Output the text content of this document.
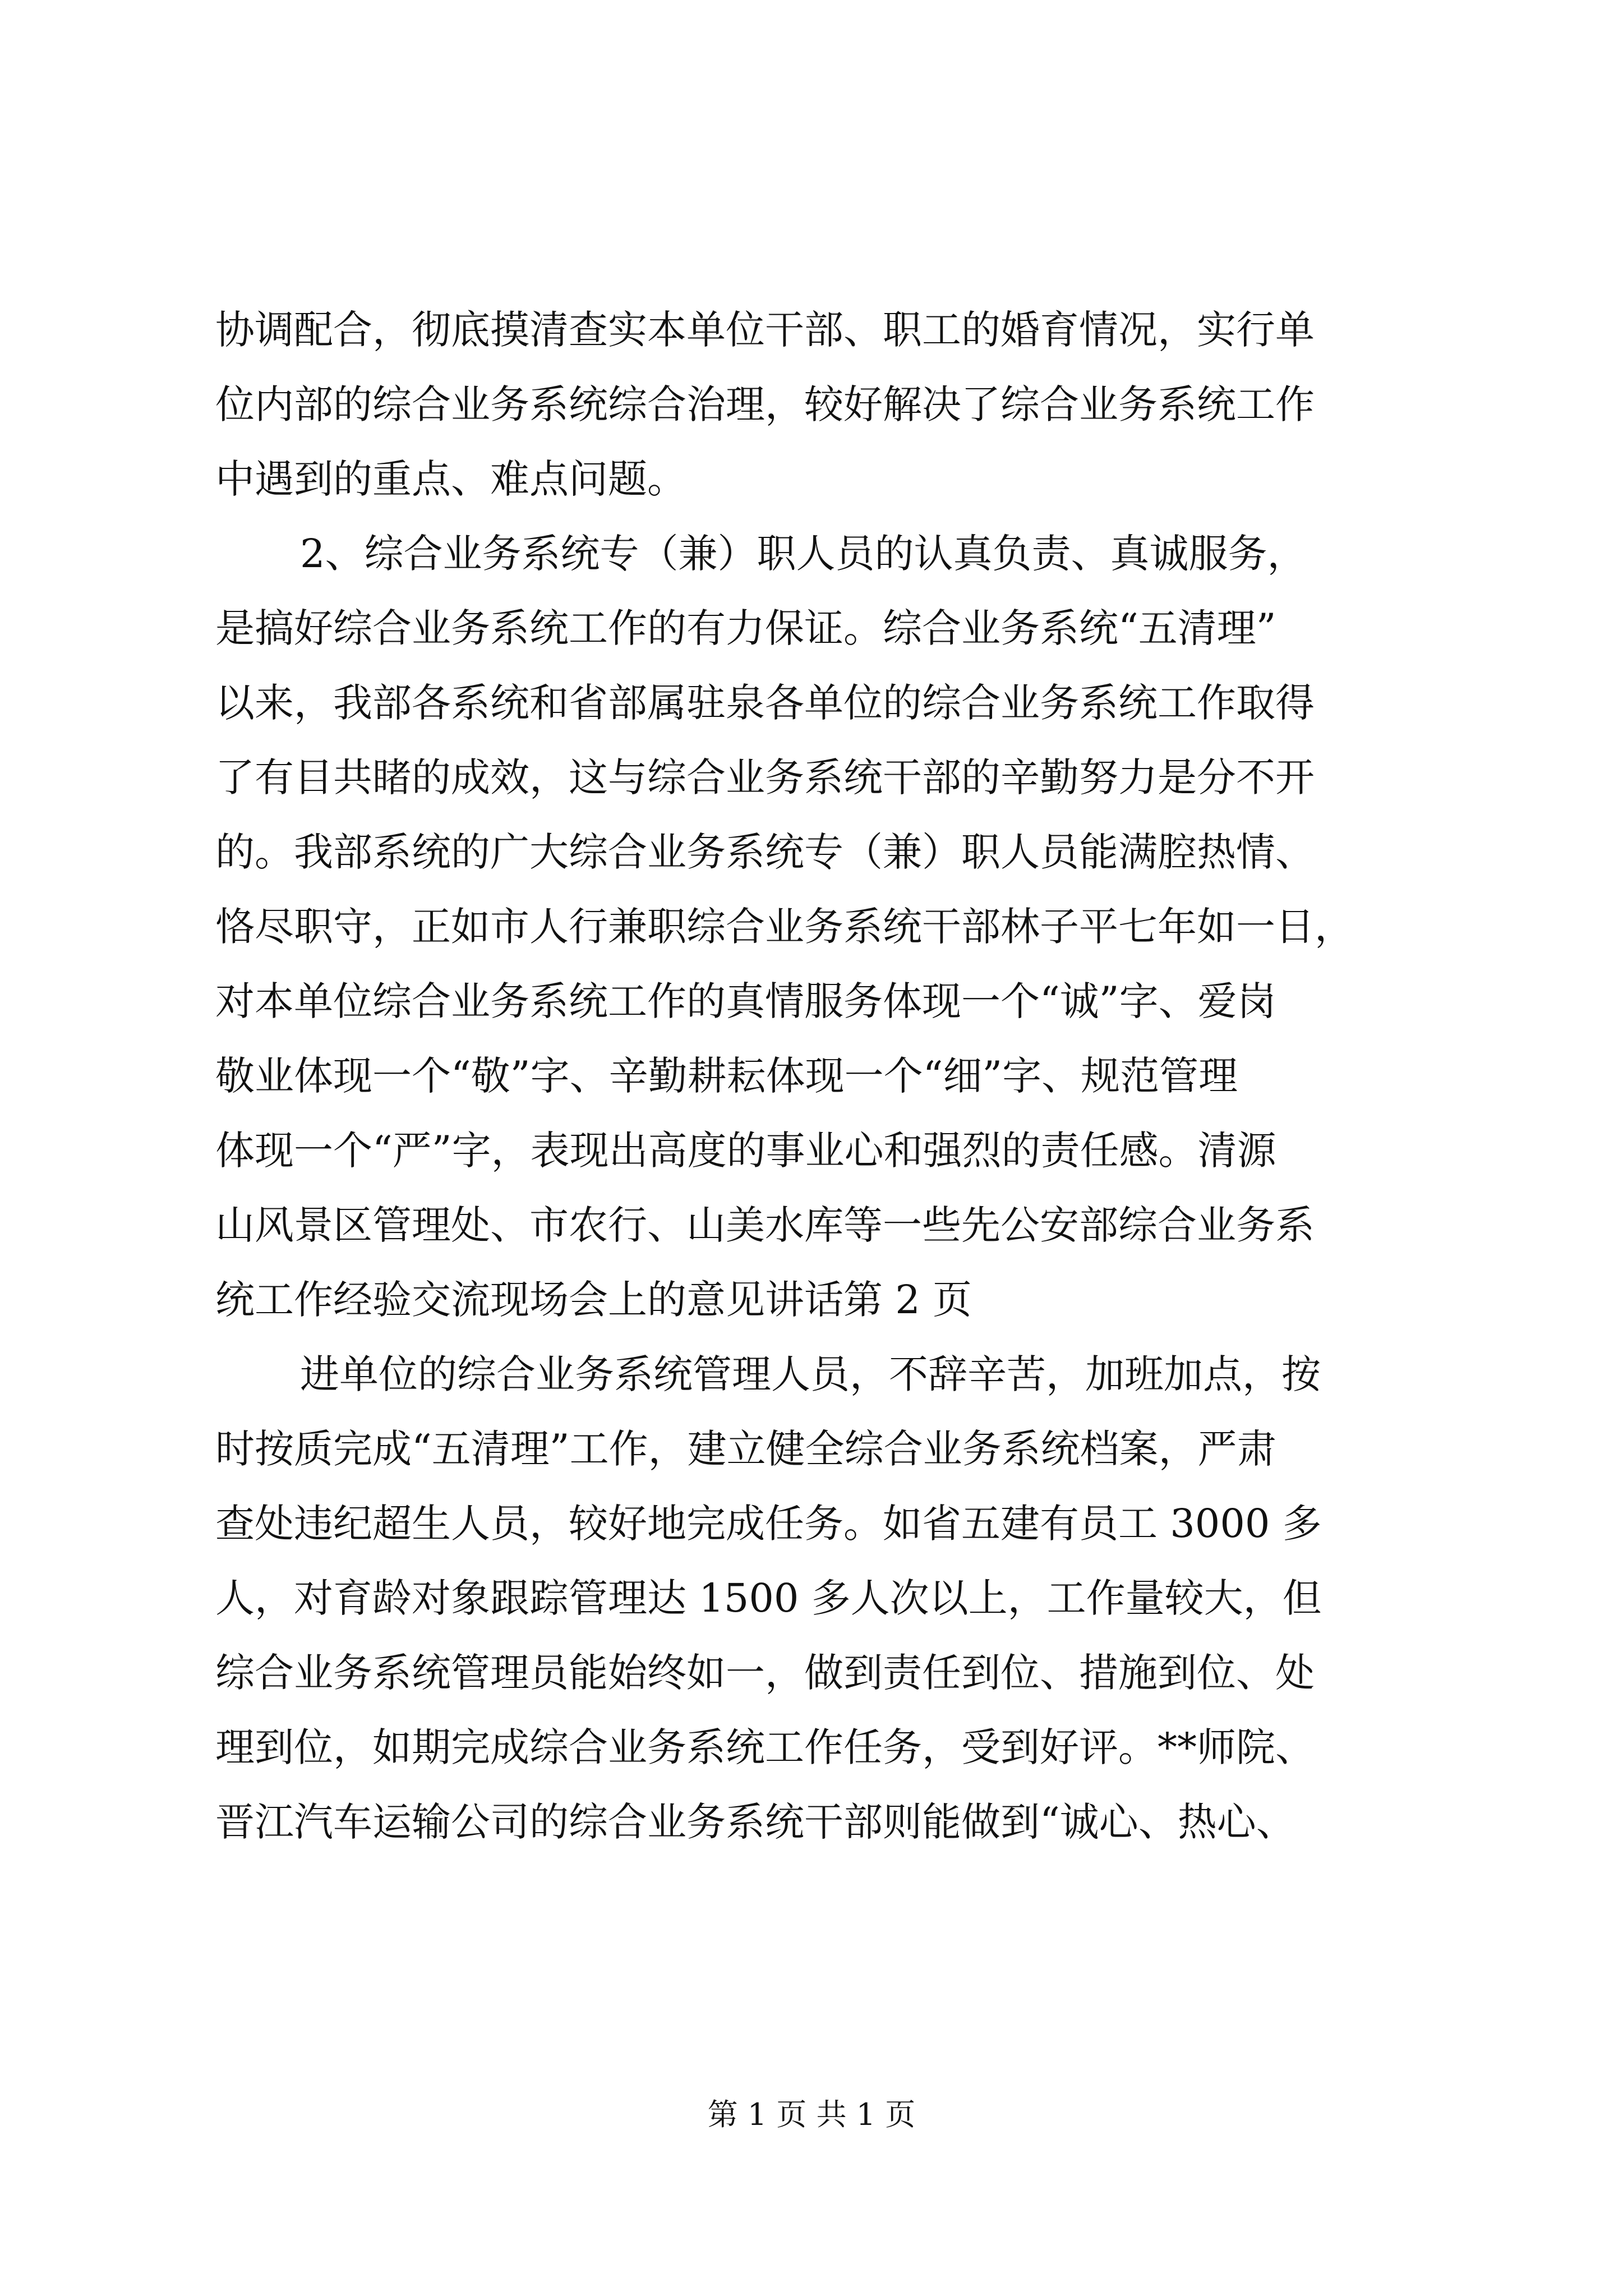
协调配合，彻底摸清查实本单位干部、职工的婚育情况，实行单
位内部的综合业务系统综合治理，较好解决了综合业务系统工作
中遇到的重点、难点问题。
2、综合业务系统专（兼）职人员的认真负责、真诚服务，
是搞好综合业务系统工作的有力保证。综合业务系统“五清理”
以来，我部各系统和省部属驻泉各单位的综合业务系统工作取得
了有目共睹的成效，这与综合业务系统干部的辛勤努力是分不开
的。我部系统的广大综合业务系统专（兼）职人员能满腔热情、
恪尽职守，正如市人行兼职综合业务系统干部林子平七年如一日，
对本单位综合业务系统工作的真情服务体现一个“诚”字、爱岗
敬业体现一个“敬”字、辛勤耕耘体现一个“细”字、规范管理
体现一个“严”字，表现出高度的事业心和强烈的责任感。清源
山风景区管理处、市农行、山美水库等一些先公安部综合业务系
统工作经验交流现场会上的意见讲话第 2 页
进单位的综合业务系统管理人员，不辞辛苦，加班加点，按
时按质完成“五清理”工作，建立健全综合业务系统档案，严肃
查处违纪超生人员，较好地完成任务。如省五建有员工 3000 多
人，对育龄对象跟踪管理达 1500 多人次以上，工作量较大，但
综合业务系统管理员能始终如一，做到责任到位、措施到位、处
理到位，如期完成综合业务系统工作任务，受到好评。**师院、
晋江汽车运输公司的综合业务系统干部则能做到“诚心、热心、
第 1 页 共 1 页
